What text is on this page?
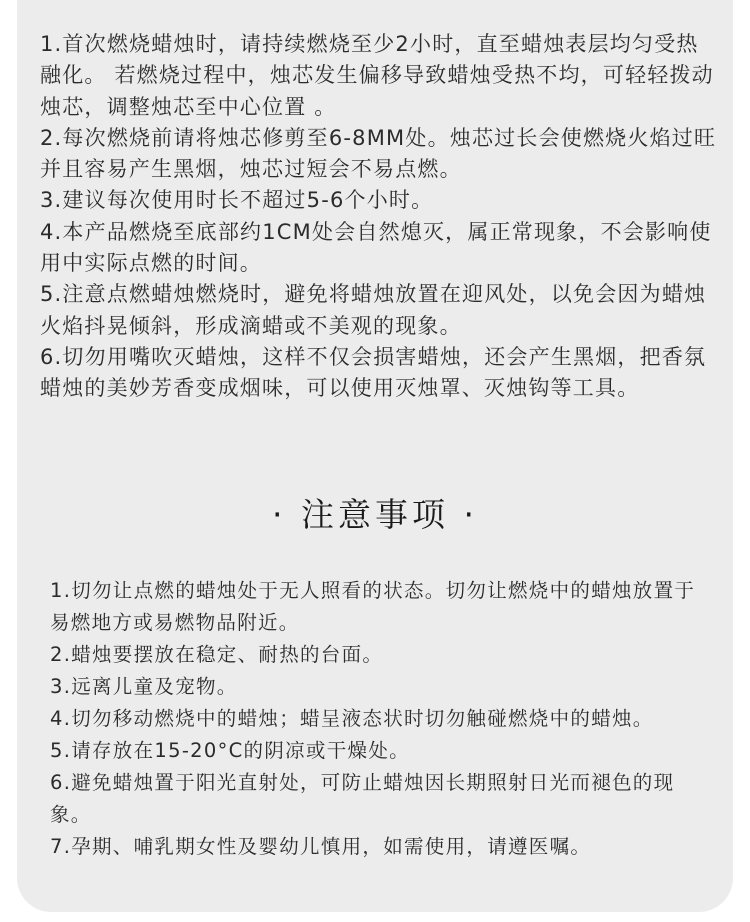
1.首次燃烧蜡烛时，请持续燃烧至少2小时，直至蜡烛表层均匀受热融化。 若燃烧过程中，烛芯发生偏移导致蜡烛受热不均，可轻轻拨动烛芯，调整烛芯至中心位置 。
2.每次燃烧前请将烛芯修剪至6-8MM处。烛芯过长会使燃烧火焰过旺并且容易产生黑烟，烛芯过短会不易点燃。
3.建议每次使用时长不超过5-6个小时。
4.本产品燃烧至底部约1CM处会自然熄灭，属正常现象，不会影响使用中实际点燃的时间。
5.注意点燃蜡烛燃烧时，避免将蜡烛放置在迎风处，以免会因为蜡烛火焰抖晃倾斜，形成滴蜡或不美观的现象。
6.切勿用嘴吹灭蜡烛，这样不仅会损害蜡烛，还会产生黑烟，把香氛蜡烛的美妙芳香变成烟味，可以使用灭烛罩、灭烛钩等工具。
· 注意事项 ·
1.切勿让点燃的蜡烛处于无人照看的状态。切勿让燃烧中的蜡烛放置于易燃地方或易燃物品附近。
2.蜡烛要摆放在稳定、耐热的台面。
3.远离儿童及宠物。
4.切勿移动燃烧中的蜡烛；蜡呈液态状时切勿触碰燃烧中的蜡烛。
5.请存放在15-20°C的阴凉或干燥处。
6.避免蜡烛置于阳光直射处，可防止蜡烛因长期照射日光而褪色的现象。
7.孕期、哺乳期女性及婴幼儿慎用，如需使用，请遵医嘱。
